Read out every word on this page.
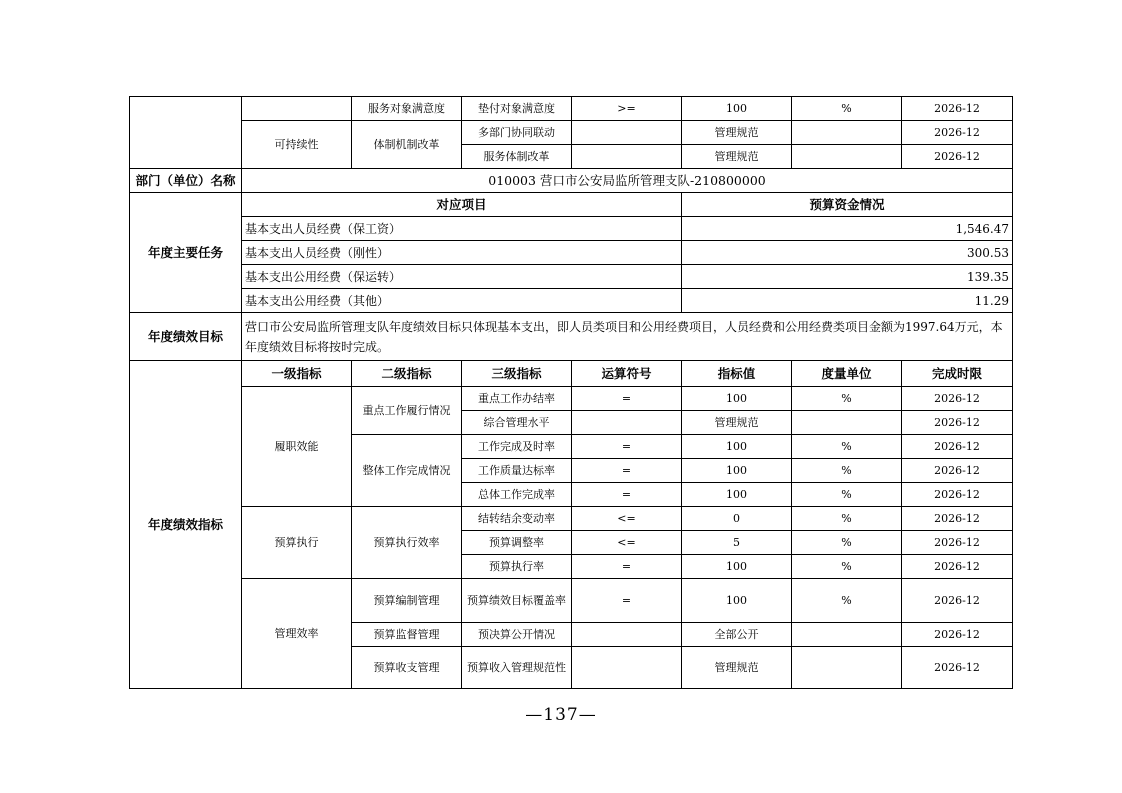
		服务对象满意度	垫付对象满意度	>=	100	%	2026-12
	可持续性	体制机制改革	多部门协同联动		管理规范		2026-12
			服务体制改革		管理规范		2026-12
部门（单位）名称	010003 营口市公安局监所管理支队-210800000						
年度主要任务	对应项目				预算资金情况		
	基本支出人员经费（保工资）				1,546.47		
	基本支出人员经费（刚性）				300.53		
	基本支出公用经费（保运转）				139.35		
	基本支出公用经费（其他）				11.29		
年度绩效目标	营口市公安局监所管理支队年度绩效目标只体现基本支出，即人员类项目和公用经费项目，人员经费和公用经费类项目金额为1997.64万元，本年度绩效目标将按时完成。						
年度绩效指标	一级指标	二级指标	三级指标	运算符号	指标值	度量单位	完成时限
	履职效能	重点工作履行情况	重点工作办结率	=	100	%	2026-12
			综合管理水平		管理规范		2026-12
		整体工作完成情况	工作完成及时率	=	100	%	2026-12
			工作质量达标率	=	100	%	2026-12
			总体工作完成率	=	100	%	2026-12
	预算执行	预算执行效率	结转结余变动率	<=	0	%	2026-12
			预算调整率	<=	5	%	2026-12
			预算执行率	=	100	%	2026-12
	管理效率	预算编制管理	预算绩效目标覆盖率	=	100	%	2026-12
		预算监督管理	预决算公开情况		全部公开		2026-12
		预算收支管理	预算收入管理规范性		管理规范		2026-12
—137—
